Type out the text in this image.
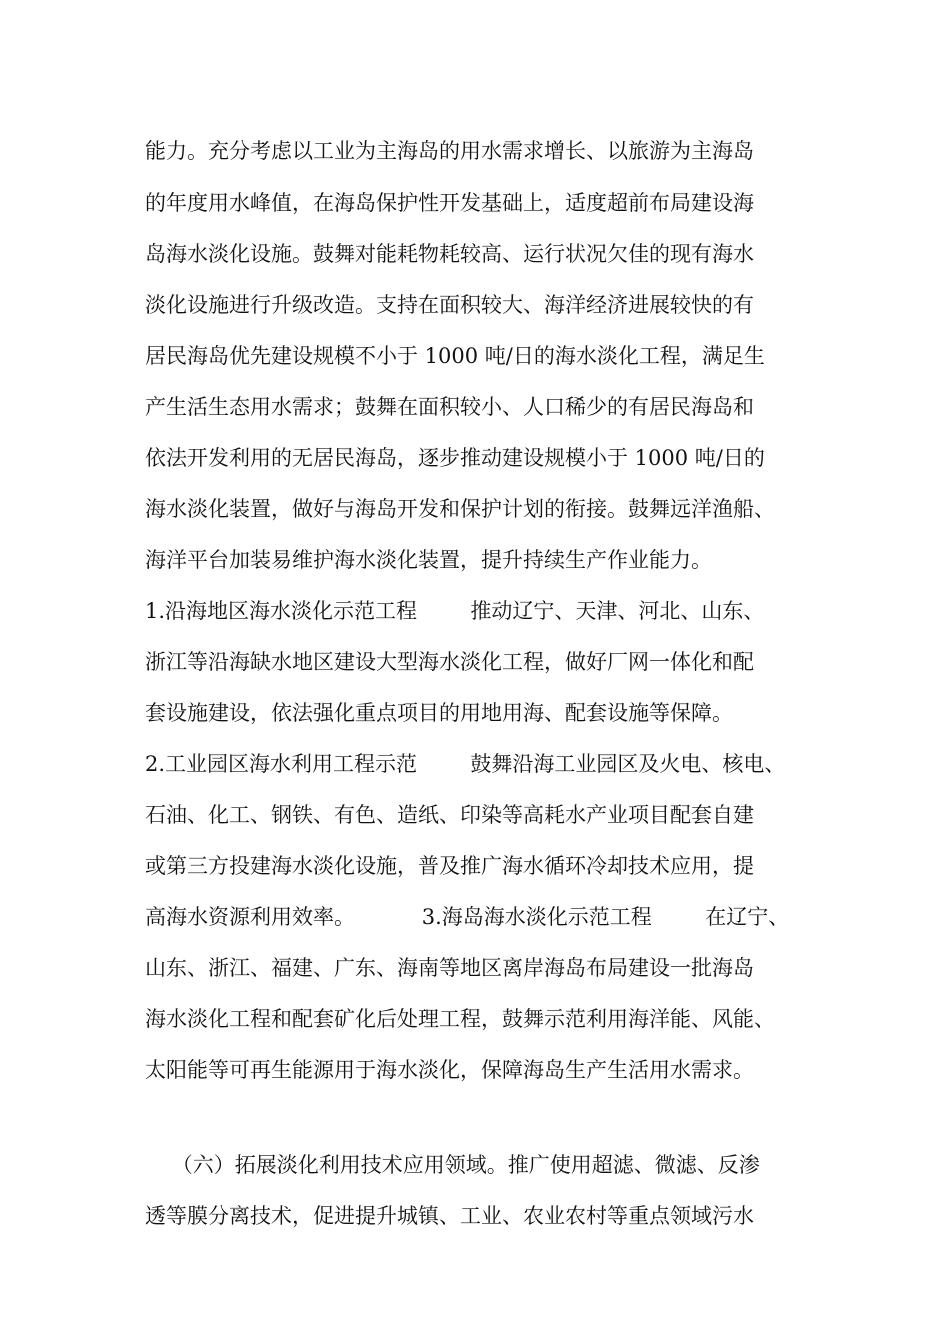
能力。充分考虑以工业为主海岛的用水需求增长、以旅游为主海岛
的年度用水峰值，在海岛保护性开发基础上，适度超前布局建设海
岛海水淡化设施。鼓舞对能耗物耗较高、运行状况欠佳的现有海水
淡化设施进行升级改造。支持在面积较大、海洋经济进展较快的有
居民海岛优先建设规模不小于 1000 吨/日的海水淡化工程，满足生
产生活生态用水需求；鼓舞在面积较小、人口稀少的有居民海岛和
依法开发利用的无居民海岛，逐步推动建设规模小于 1000 吨/日的
海水淡化装置，做好与海岛开发和保护计划的衔接。鼓舞远洋渔船、
海洋平台加装易维护海水淡化装置，提升持续生产作业能力。
1.沿海地区海水淡化示范工程        推动辽宁、天津、河北、山东、
浙江等沿海缺水地区建设大型海水淡化工程，做好厂网一体化和配
套设施建设，依法强化重点项目的用地用海、配套设施等保障。
2.工业园区海水利用工程示范        鼓舞沿海工业园区及火电、核电、
石油、化工、钢铁、有色、造纸、印染等高耗水产业项目配套自建
或第三方投建海水淡化设施，普及推广海水循环冷却技术应用，提
高海水资源利用效率。          3.海岛海水淡化示范工程        在辽宁、
山东、浙江、福建、广东、海南等地区离岸海岛布局建设一批海岛
海水淡化工程和配套矿化后处理工程，鼓舞示范利用海洋能、风能、
太阳能等可再生能源用于海水淡化，保障海岛生产生活用水需求。
（六）拓展淡化利用技术应用领域。推广使用超滤、微滤、反渗
透等膜分离技术，促进提升城镇、工业、农业农村等重点领域污水
